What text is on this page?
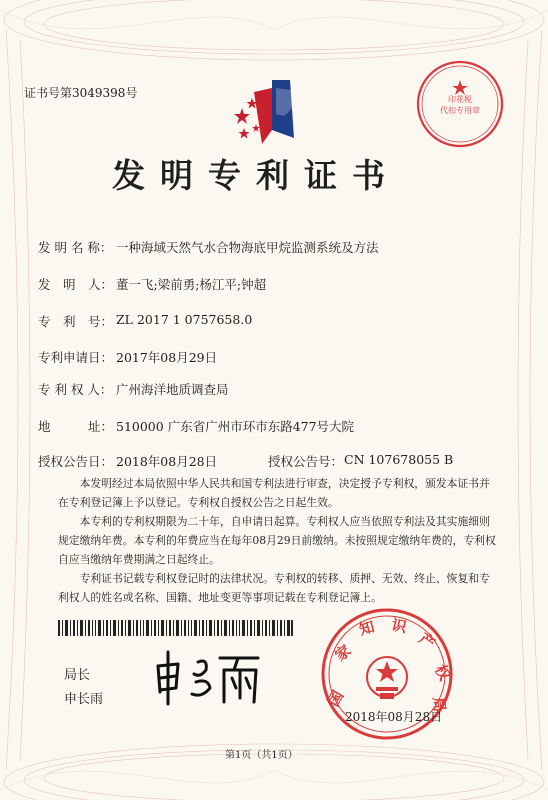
印花税
代扣专用章
证书号第3049398号
发明专利证书
发 明 名 称： 一种海域天然气水合物海底甲烷监测系统及方法
发　明　人： 董一飞;梁前勇;杨江平;钟超
专　利　号： ZL 2017 1 0757658.0
专利申请日： 2017年08月29日
专 利 权 人： 广州海洋地质调查局
地　　　址： 510000 广东省广州市环市东路477号大院
授权公告日： 2018年08月28日	授权公告号： CN 107678055 B

本发明经过本局依照中华人民共和国专利法进行审查，决定授予专利权，颁发本证书并在专利登记簿上予以登记。专利权自授权公告之日起生效。

本专利的专利权期限为二十年，自申请日起算。专利权人应当依照专利法及其实施细则规定缴纳年费。本专利的年费应当在每年08月29日前缴纳。未按照规定缴纳年费的，专利权自应当缴纳年费期满之日起终止。

专利证书记载专利权登记时的法律状况。专利权的转移、质押、无效、终止、恢复和专利权人的姓名或名称、国籍、地址变更等事项记载在专利登记簿上。

局长
申长雨	国
家
知 识
产
权
局
2018年08月28日
第1页（共1页）
